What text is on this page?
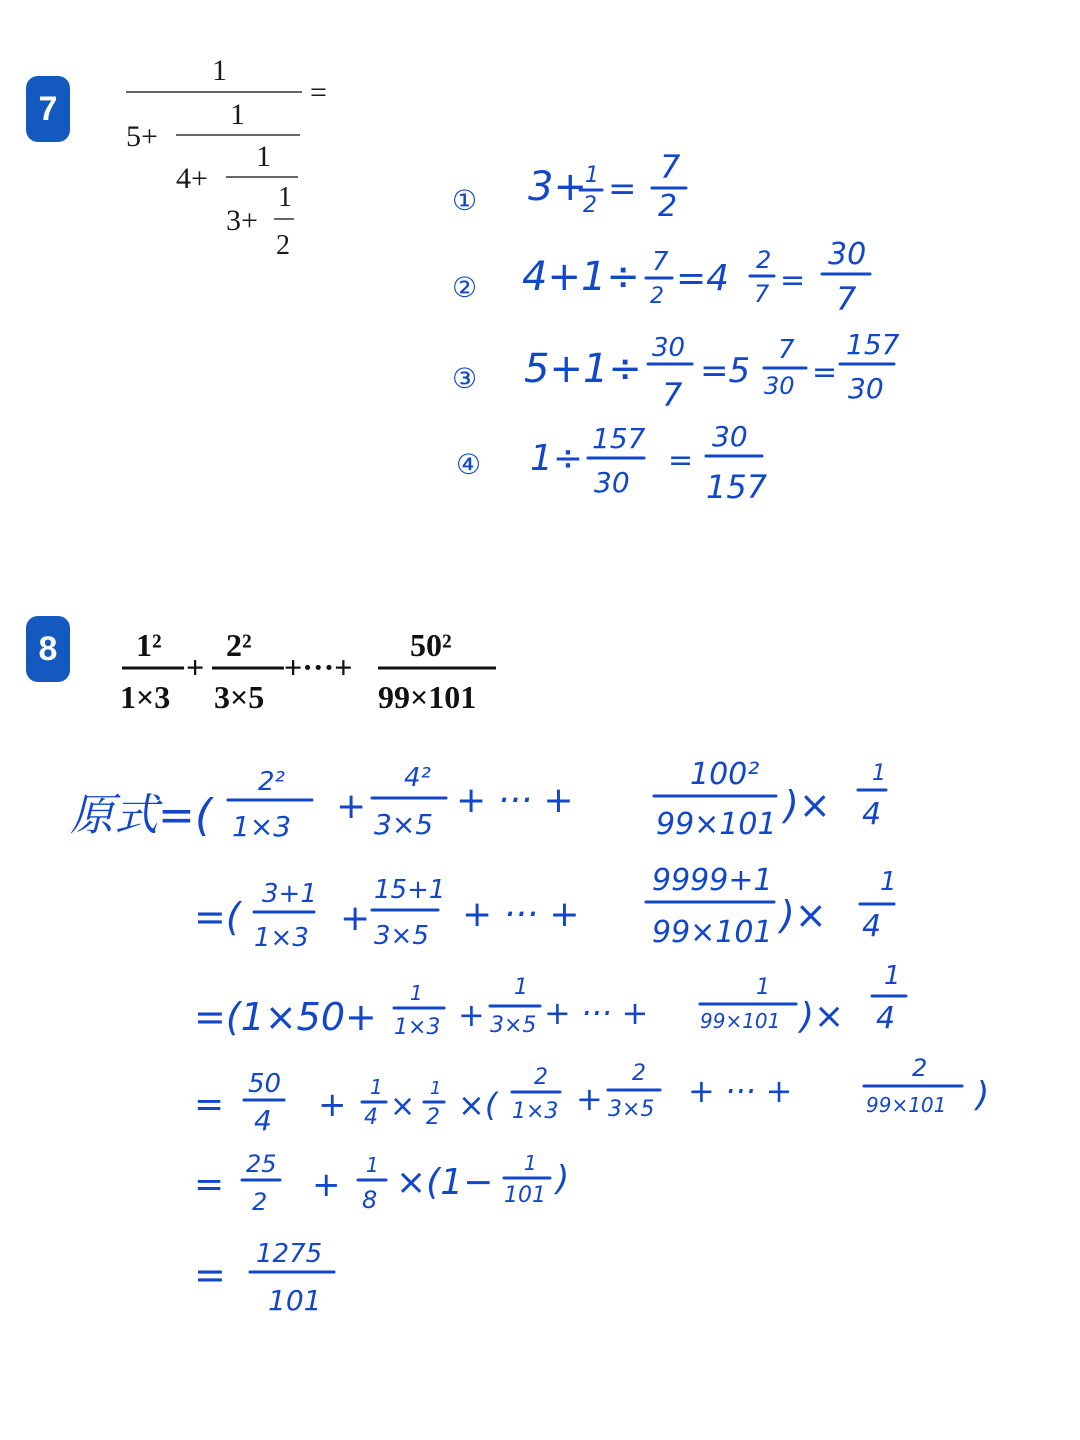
7
8
1
=
1
5+
1
4+
1
3+
2
① 3+
1
2 =
7
2
② 4+1÷ 7
2 =4 2
7 =
30
7
③ 5+1÷ 30
7
=5
7
30 =
157
30
④ 1÷ 157
30
=
30
157
1²
1×3
+
2²
3×5
+···+
50²
99×101
原式=(
2²
1×3 +
4²
3×5
+ ··· +
100²
99×101 )×
1
4
=(
3+1
1×3 +
15+1
3×5
+ ··· +
9999+1
99×101 )×
1
4
=(1×50+
1
1×3 +
1
3×5 + ··· +
1
99×101 )×
1
4
= 50
4 + 1
4 ×
1
2 ×(
2
1×3 +
2
3×5 + ··· +
2
99×101 )
= 25
2 + 1
8 ×(1− 1
101 )
= 1275
101
